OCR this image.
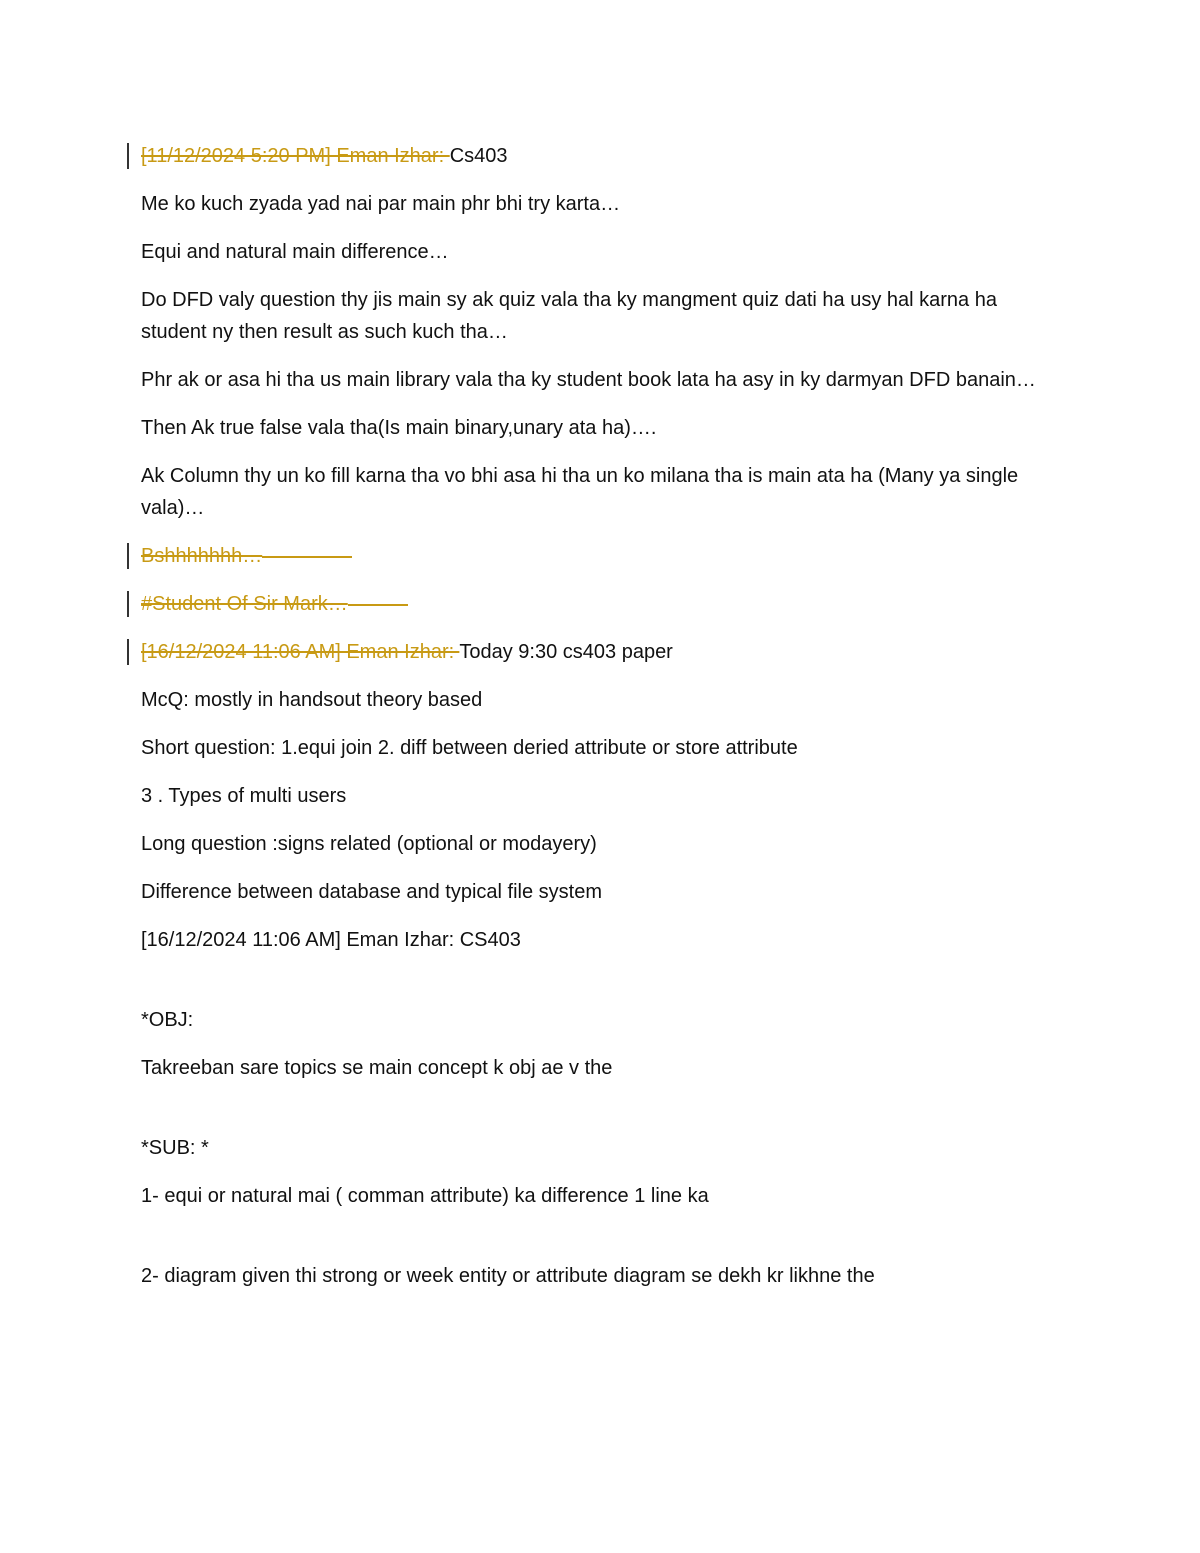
[11/12/2024 5:20 PM] Eman Izhar: Cs403

Me ko kuch zyada yad nai par main phr bhi try karta…

Equi and natural main difference…

Do DFD valy question thy jis main sy ak quiz vala tha ky mangment quiz dati ha usy hal karna ha student ny then result as such kuch tha…

Phr ak or asa hi tha us main library vala tha ky student book lata ha asy in ky darmyan DFD banain…

Then Ak true false vala tha(Is main binary,unary ata ha)….

Ak Column thy un ko fill karna tha vo bhi asa hi tha un ko milana tha is main ata ha (Many ya single vala)…

Bshhhhhhh…

#Student Of Sir Mark…

[16/12/2024 11:06 AM] Eman Izhar: Today 9:30 cs403 paper

McQ: mostly in handsout theory based

Short question: 1.equi join 2. diff between deried attribute or store attribute

3 . Types of multi users

Long question :signs related (optional or modayery)

Difference between database and typical file system

[16/12/2024 11:06 AM] Eman Izhar: CS403

*OBJ:

Takreeban sare topics se main concept k obj ae v the

*SUB: *

1- equi or natural mai ( comman attribute) ka difference 1 line ka

2- diagram given thi strong or week entity or attribute diagram se dekh kr likhne the
